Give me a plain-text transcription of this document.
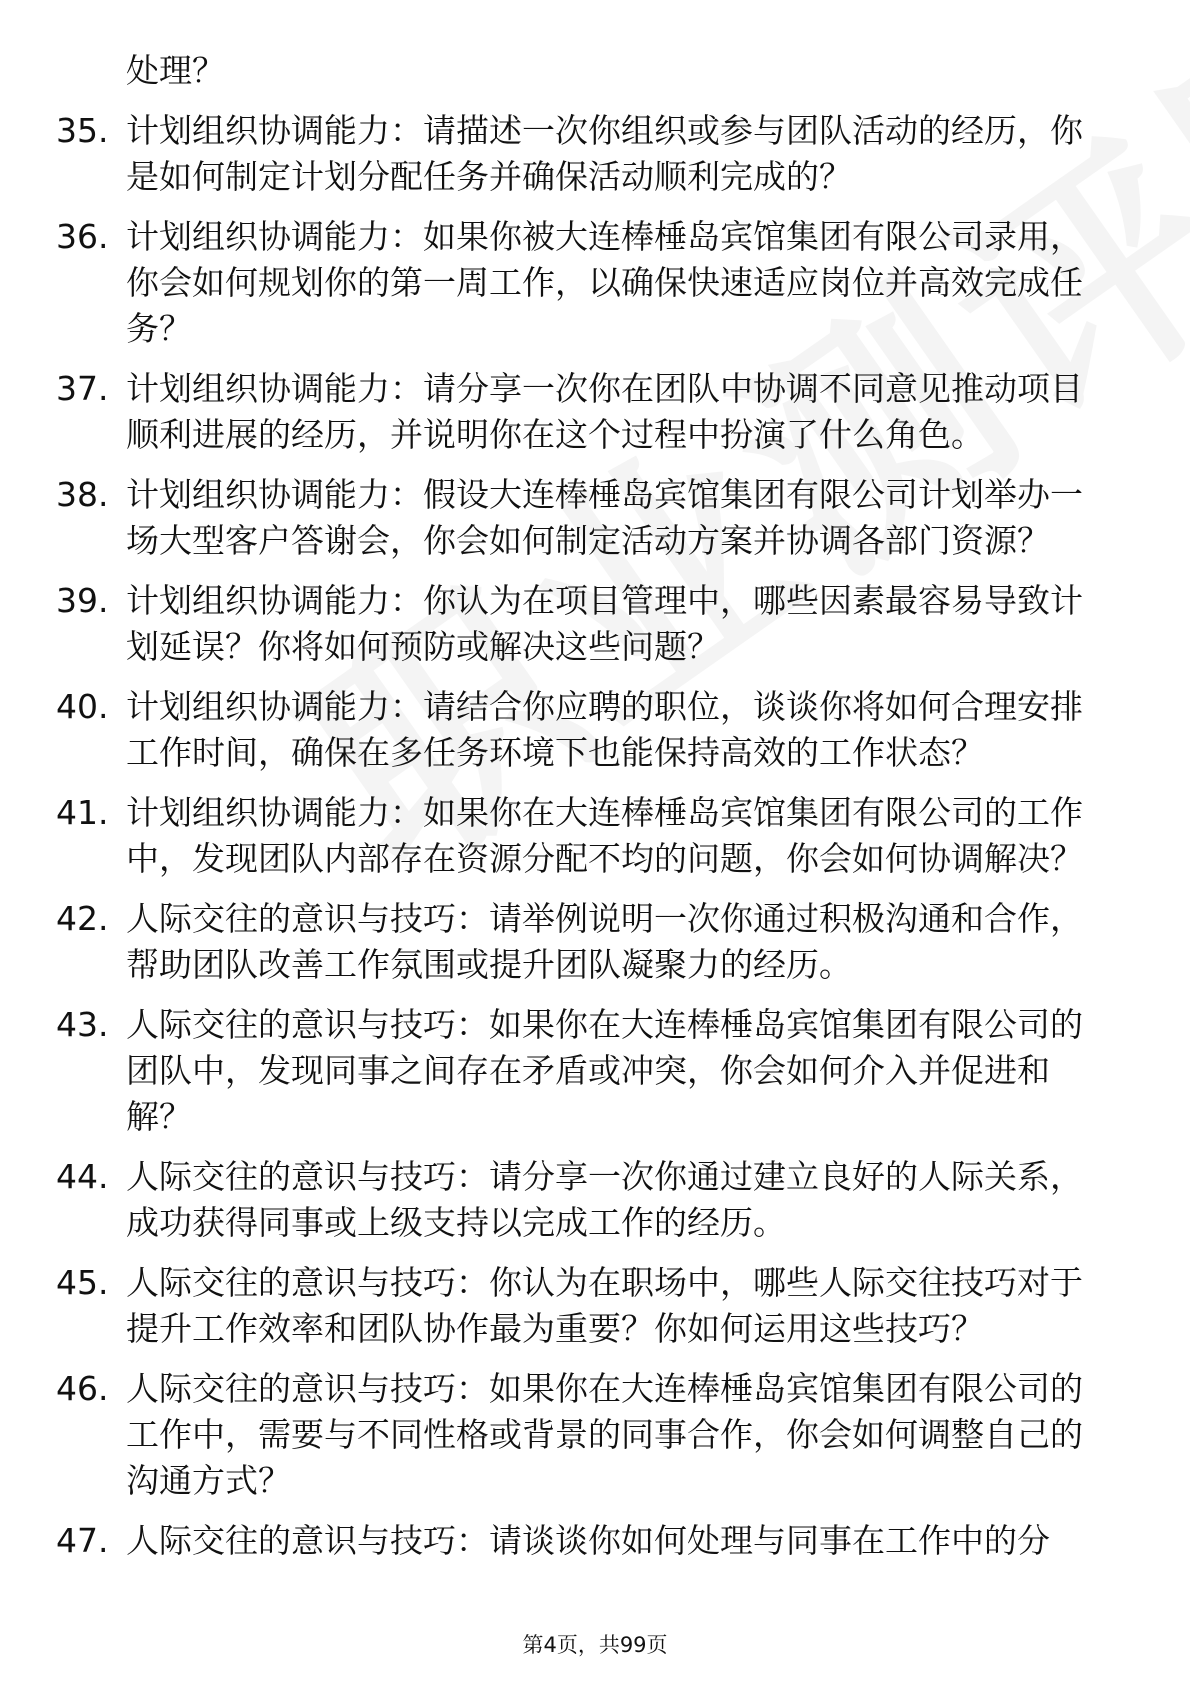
处理？
35. 计划组织协调能力：请描述一次你组织或参与团队活动的经历，你是如何制定计划分配任务并确保活动顺利完成的？
36. 计划组织协调能力：如果你被大连棒棰岛宾馆集团有限公司录用，你会如何规划你的第一周工作，以确保快速适应岗位并高效完成任务？
37. 计划组织协调能力：请分享一次你在团队中协调不同意见推动项目顺利进展的经历，并说明你在这个过程中扮演了什么角色。
38. 计划组织协调能力：假设大连棒棰岛宾馆集团有限公司计划举办一场大型客户答谢会，你会如何制定活动方案并协调各部门资源？
39. 计划组织协调能力：你认为在项目管理中，哪些因素最容易导致计划延误？你将如何预防或解决这些问题？
40. 计划组织协调能力：请结合你应聘的职位，谈谈你将如何合理安排工作时间，确保在多任务环境下也能保持高效的工作状态？
41. 计划组织协调能力：如果你在大连棒棰岛宾馆集团有限公司的工作中，发现团队内部存在资源分配不均的问题，你会如何协调解决？
42. 人际交往的意识与技巧：请举例说明一次你通过积极沟通和合作，帮助团队改善工作氛围或提升团队凝聚力的经历。
43. 人际交往的意识与技巧：如果你在大连棒棰岛宾馆集团有限公司的团队中，发现同事之间存在矛盾或冲突，你会如何介入并促进和解？
44. 人际交往的意识与技巧：请分享一次你通过建立良好的人际关系，成功获得同事或上级支持以完成工作的经历。
45. 人际交往的意识与技巧：你认为在职场中，哪些人际交往技巧对于提升工作效率和团队协作最为重要？你如何运用这些技巧？
46. 人际交往的意识与技巧：如果你在大连棒棰岛宾馆集团有限公司的工作中，需要与不同性格或背景的同事合作，你会如何调整自己的沟通方式？
47. 人际交往的意识与技巧：请谈谈你如何处理与同事在工作中的分
第4页，共99页
